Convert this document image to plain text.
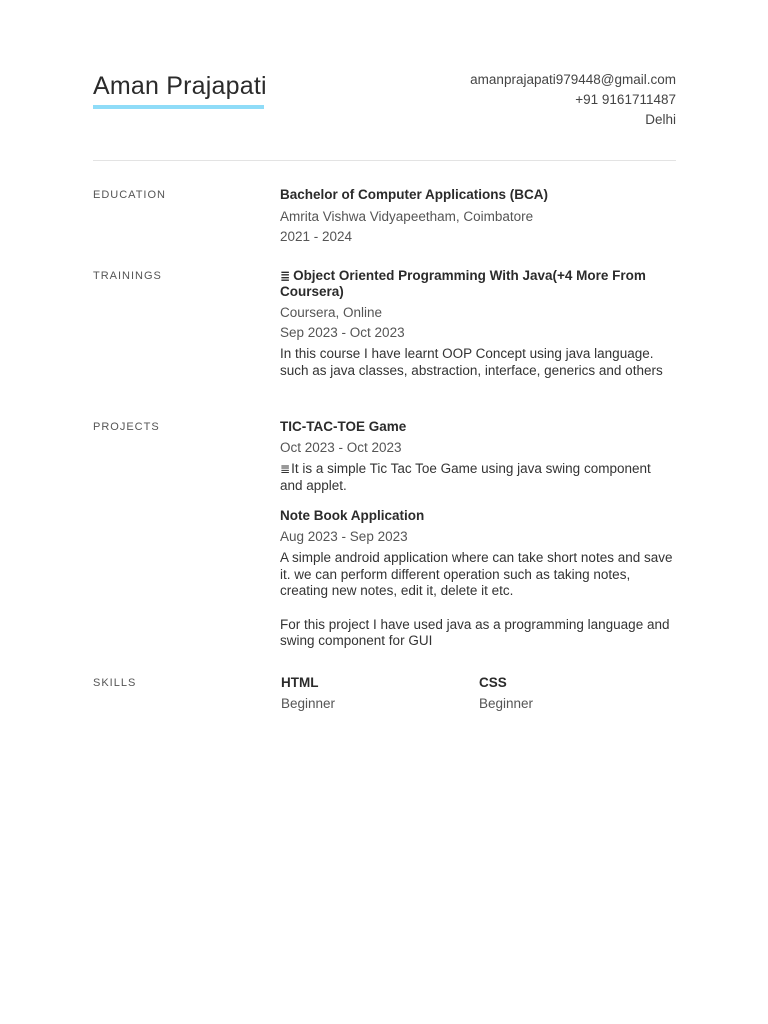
Aman Prajapati	amanprajapati979448@gmail.com
+91 9161711487
Delhi
EDUCATION	Bachelor of Computer Applications (BCA)

Amrita Vishwa Vidyapeetham, Coimbatore

2021 - 2024

TRAININGS	≣ Object Oriented Programming With Java(+4 More From Coursera)

Coursera, Online

Sep 2023 - Oct 2023

In this course I have learnt OOP Concept using java language. such as java classes, abstraction, interface, generics and others

PROJECTS	TIC-TAC-TOE Game

Oct 2023 - Oct 2023

≣It is a simple Tic Tac Toe Game using java swing component and applet.

Note Book Application

Aug 2023 - Sep 2023

A simple android application where can take short notes and save it. we can perform different operation such as taking notes, creating new notes, edit it, delete it etc.

For this project I have used java as a programming language and swing component for GUI

SKILLS	HTML

Beginner

CSS

Beginner
